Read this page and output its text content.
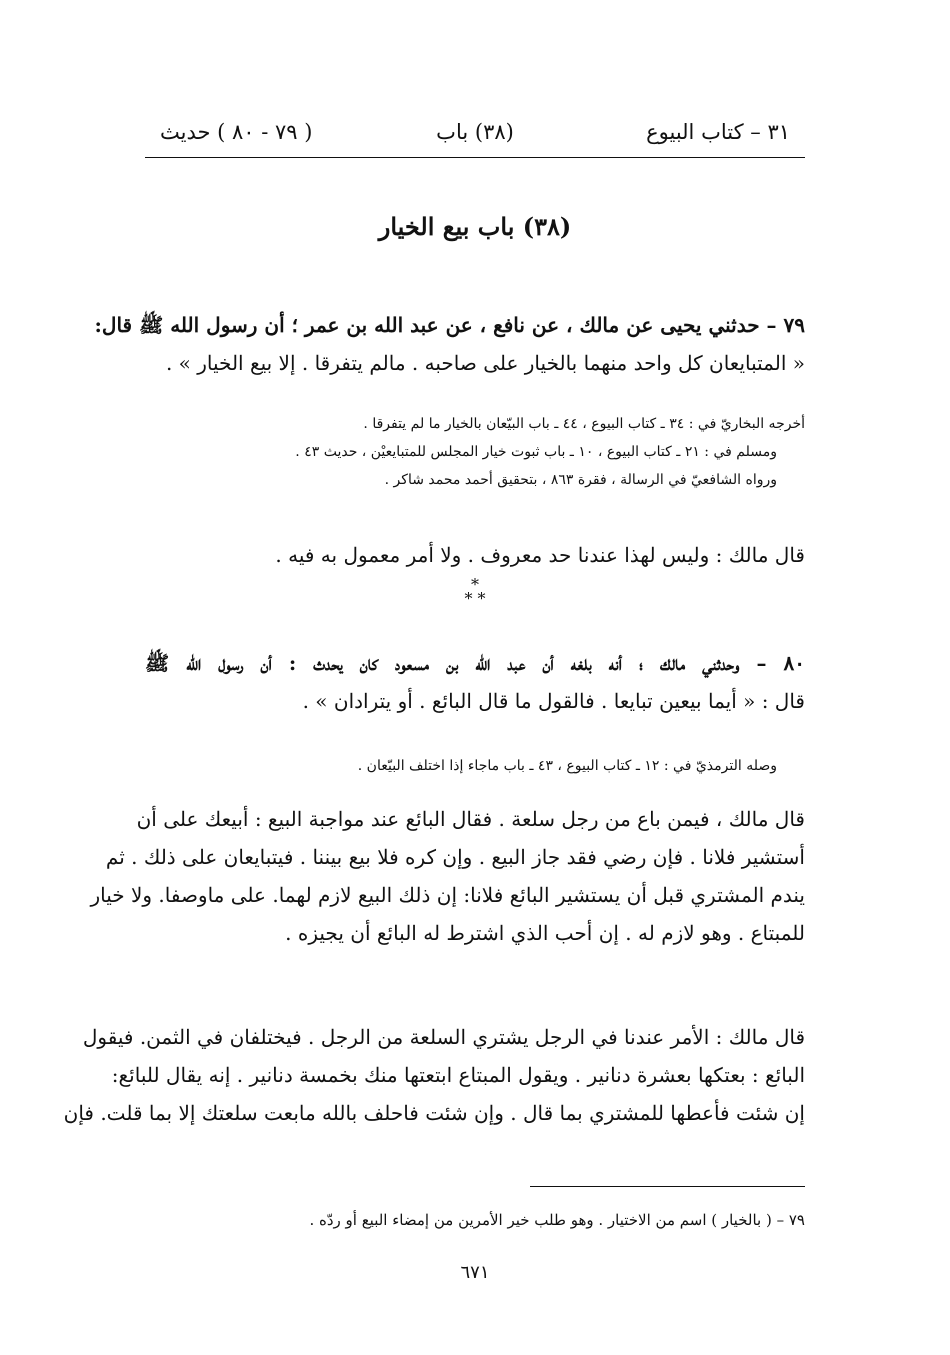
٣١ – كتاب البيوع
(٣٨) باب
( ٧٩ - ٨٠ ) حديث
(٣٨) باب بيع الخيار
٧٩ – حدثني يحيى عن مالك ، عن نافع ، عن عبد الله بن عمر ؛ أن رسول الله ﷺ قال:
« المتبايعان كل واحد منهما بالخيار على صاحبه . مالم يتفرقا . إلا بيع الخيار » .
أخرجه البخاريّ في : ٣٤ ـ كتاب البيوع ، ٤٤ ـ باب البيّعان بالخيار ما لم يتفرقا .
ومسلم في : ٢١ ـ كتاب البيوع ، ١٠ ـ باب ثبوت خيار المجلس للمتبايعيْن ، حديث ٤٣ .
ورواه الشافعيّ في الرسالة ، فقرة ٨٦٣ ، بتحقيق أحمد محمد شاكر .
قال مالك : وليس لهذا عندنا حد معروف . ولا أمر معمول به فيه .
*
* *
٨٠ – وحدثني مالك ؛ أنه بلغه أن عبد الله بن مسعود كان يحدث : أن رسول الله ﷺ
قال : « أيما بيعين تبايعا . فالقول ما قال البائع . أو يترادان » .
وصله الترمذيّ في : ١٢ ـ كتاب البيوع ، ٤٣ ـ باب ماجاء إذا اختلف البيّعان .
قال مالك ، فيمن باع من رجل سلعة . فقال البائع عند مواجبة البيع : أبيعك على أن
أستشير فلانا . فإن رضي فقد جاز البيع . وإن كره فلا بيع بيننا . فيتبايعان على ذلك . ثم
يندم المشتري قبل أن يستشير البائع فلانا: إن ذلك البيع لازم لهما. على ماوصفا. ولا خيار
للمبتاع . وهو لازم له . إن أحب الذي اشترط له البائع أن يجيزه .
قال مالك : الأمر عندنا في الرجل يشتري السلعة من الرجل . فيختلفان في الثمن. فيقول
البائع : بعتكها بعشرة دنانير . ويقول المبتاع ابتعتها منك بخمسة دنانير . إنه يقال للبائع:
إن شئت فأعطها للمشتري بما قال . وإن شئت فاحلف بالله مابعت سلعتك إلا بما قلت. فإن
٧٩ – ( بالخيار ) اسم من الاختيار . وهو طلب خير الأمرين من إمضاء البيع أو ردّه .
٦٧١
